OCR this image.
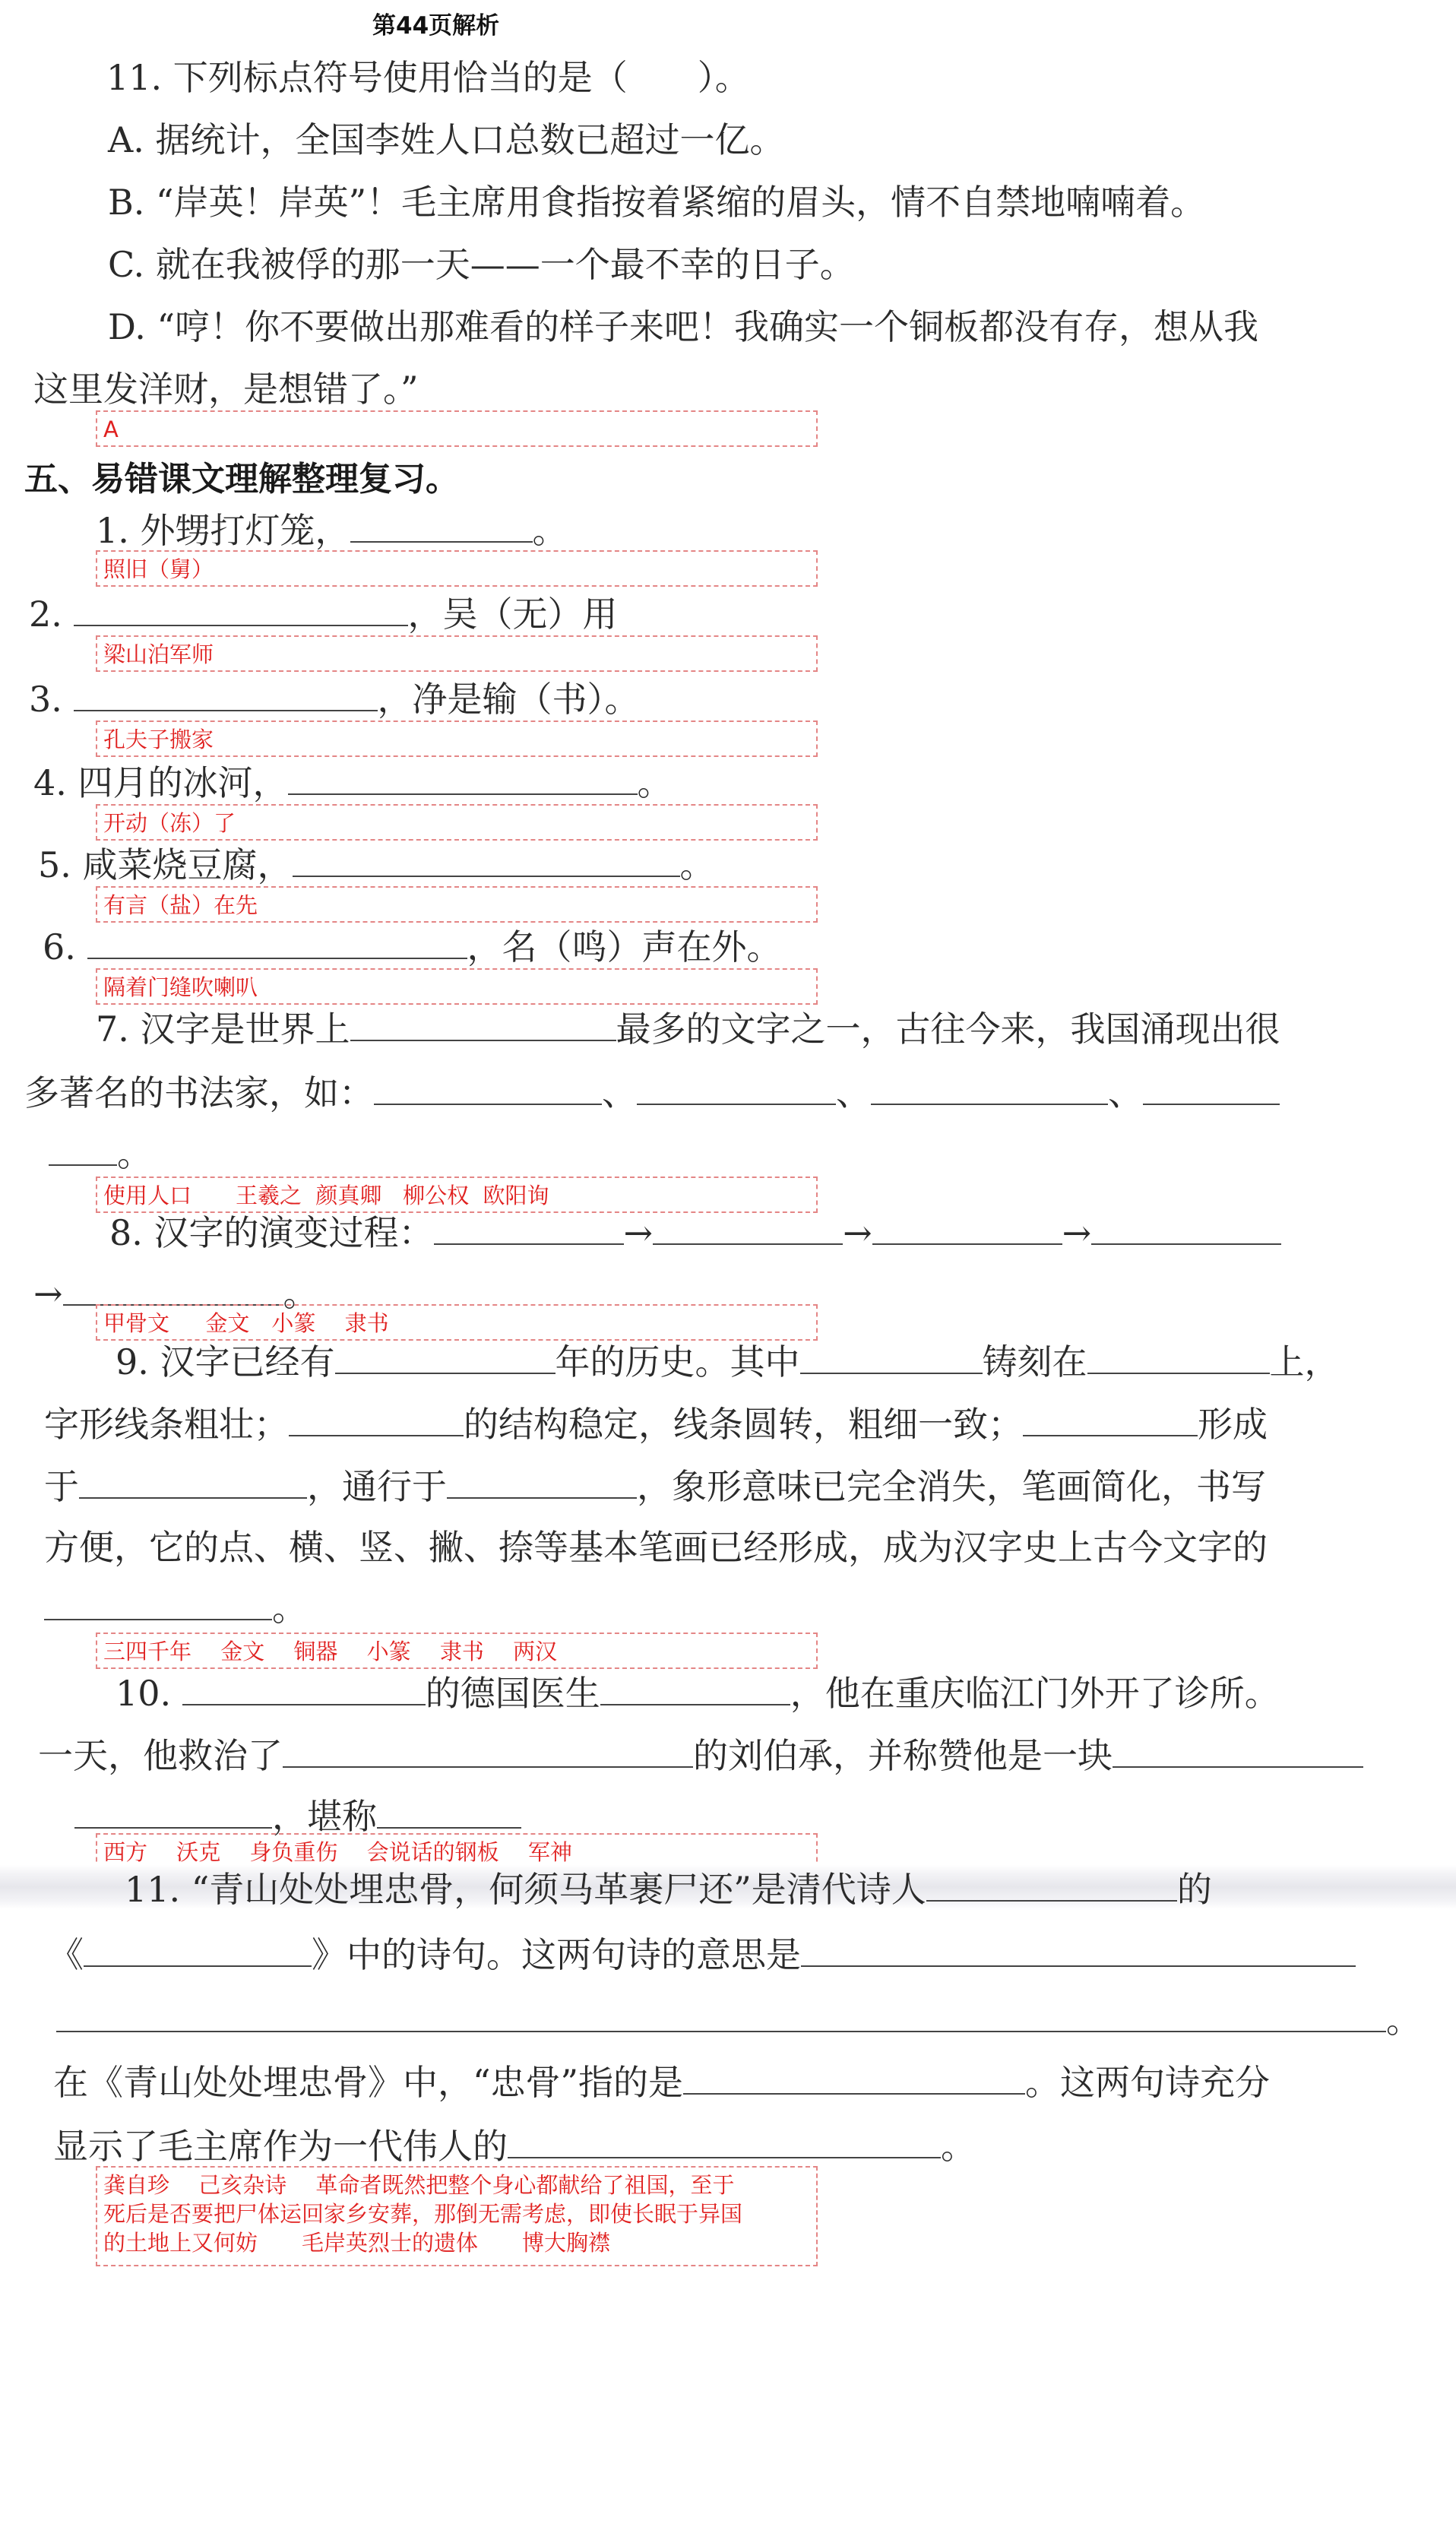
第44页解析
11. 下列标点符号使用恰当的是（　　）。
A. 据统计，全国李姓人口总数已超过一亿。
B. “岸英！岸英”！毛主席用食指按着紧缩的眉头，情不自禁地喃喃着。
C. 就在我被俘的那一天——一个最不幸的日子。
D. “哼！你不要做出那难看的样子来吧！我确实一个铜板都没有存，想从我
这里发洋财，是想错了。”
A
五、易错课文理解整理复习。
1. 外甥打灯笼，	。
照旧（舅）
2.	，吴（无）用
梁山泊军师
3.	，净是输（书）。
孔夫子搬家
4. 四月的冰河，	。
开动（冻）了
5. 咸菜烧豆腐，	。
有言（盐）在先
6.	，名（鸣）声在外。
隔着门缝吹喇叭
7. 汉字是世界上	最多的文字之一，古往今来，我国涌现出很
多著名的书法家，如：	、	、	、
。
使用人口　　王羲之  颜真卿   柳公权  欧阳询
8. 汉字的演变过程：	→	→	→
→	。
甲骨文　  金文　小篆　 隶书
9. 汉字已经有	年的历史。其中	铸刻在	上，
字形线条粗壮；	的结构稳定，线条圆转，粗细一致；	形成
于	，通行于	，象形意味已完全消失，笔画简化，书写
方便，它的点、横、竖、撇、捺等基本笔画已经形成，成为汉字史上古今文字的
。
三四千年　 金文　 铜器　 小篆　 隶书　 两汉
10.	的德国医生	，他在重庆临江门外开了诊所。
一天，他救治了	的刘伯承，并称赞他是一块
，堪称
西方　 沃克　 身负重伤　 会说话的钢板　 军神
11. “青山处处埋忠骨，何须马革裹尸还”是清代诗人	的
《	》中的诗句。这两句诗的意思是
。
在《青山处处埋忠骨》中，“忠骨”指的是	。这两句诗充分
显示了毛主席作为一代伟人的	。
龚自珍　 己亥杂诗　 革命者既然把整个身心都献给了祖国，至于
死后是否要把尸体运回家乡安葬，那倒无需考虑，即使长眠于异国
的土地上又何妨　　毛岸英烈士的遗体　　博大胸襟
